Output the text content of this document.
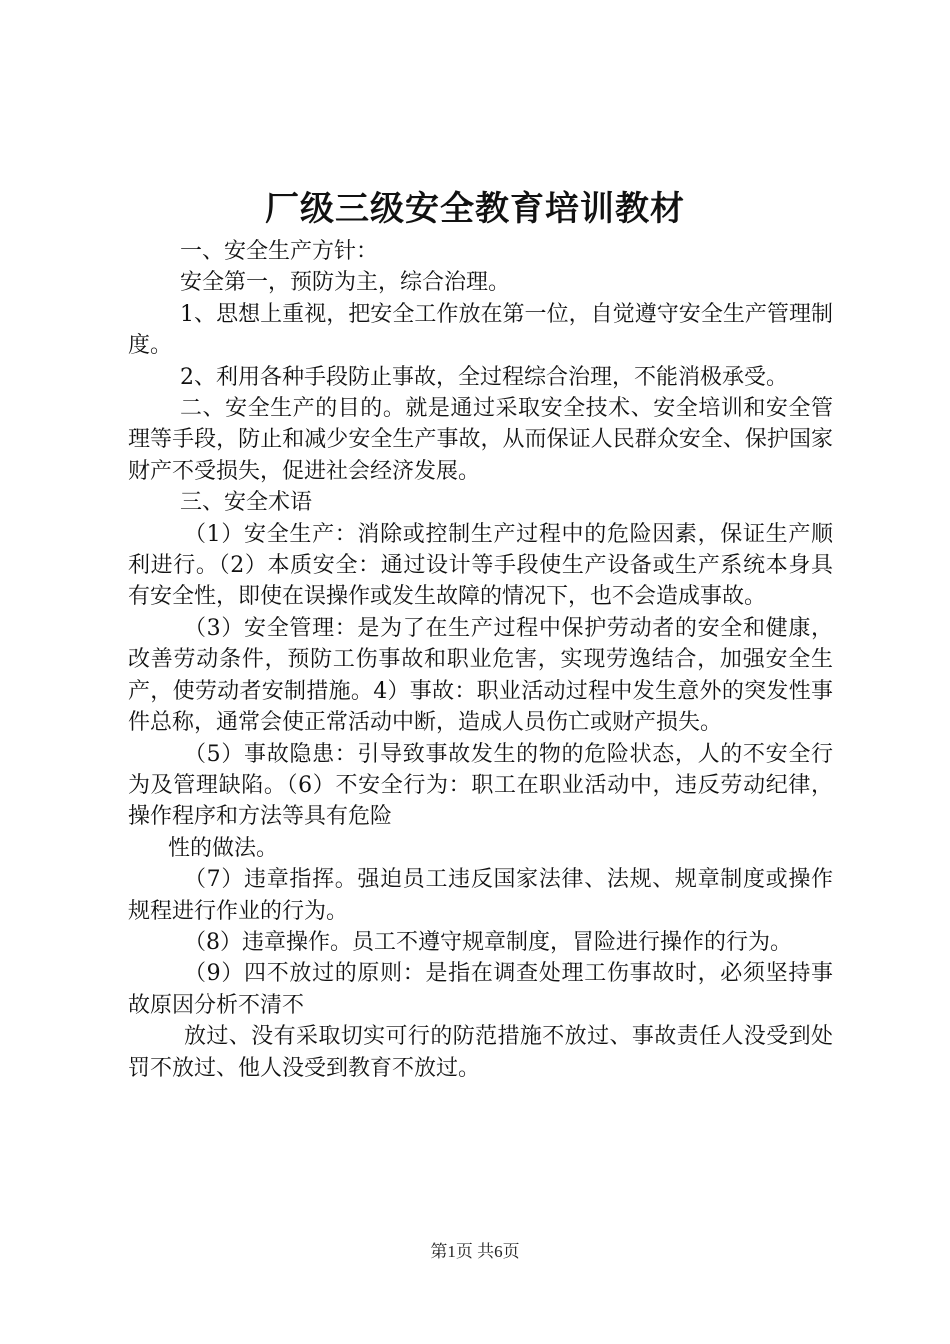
厂级三级安全教育培训教材

一、安全生产方针：

安全第一，预防为主，综合治理。

1、思想上重视，把安全工作放在第一位，自觉遵守安全生产管理制度。

2、利用各种手段防止事故，全过程综合治理，不能消极承受。

二、安全生产的目的。就是通过采取安全技术、安全培训和安全管理等手段，防止和减少安全生产事故，从而保证人民群众安全、保护国家财产不受损失，促进社会经济发展。

三、安全术语

（1）安全生产：消除或控制生产过程中的危险因素，保证生产顺利进行。（2）本质安全：通过设计等手段使生产设备或生产系统本身具有安全性，即使在误操作或发生故障的情况下，也不会造成事故。

（3）安全管理：是为了在生产过程中保护劳动者的安全和健康，改善劳动条件，预防工伤事故和职业危害，实现劳逸结合，加强安全生产，使劳动者安制措施。4）事故：职业活动过程中发生意外的突发性事件总称，通常会使正常活动中断，造成人员伤亡或财产损失。

（5）事故隐患：引导致事故发生的物的危险状态，人的不安全行为及管理缺陷。（6）不安全行为：职工在职业活动中，违反劳动纪律，操作程序和方法等具有危险

性的做法。

（7）违章指挥。强迫员工违反国家法律、法规、规章制度或操作规程进行作业的行为。

（8）违章操作。员工不遵守规章制度，冒险进行操作的行为。

（9）四不放过的原则：是指在调查处理工伤事故时，必须坚持事故原因分析不清不

放过、没有采取切实可行的防范措施不放过、事故责任人没受到处罚不放过、他人没受到教育不放过。

第1页 共6页
